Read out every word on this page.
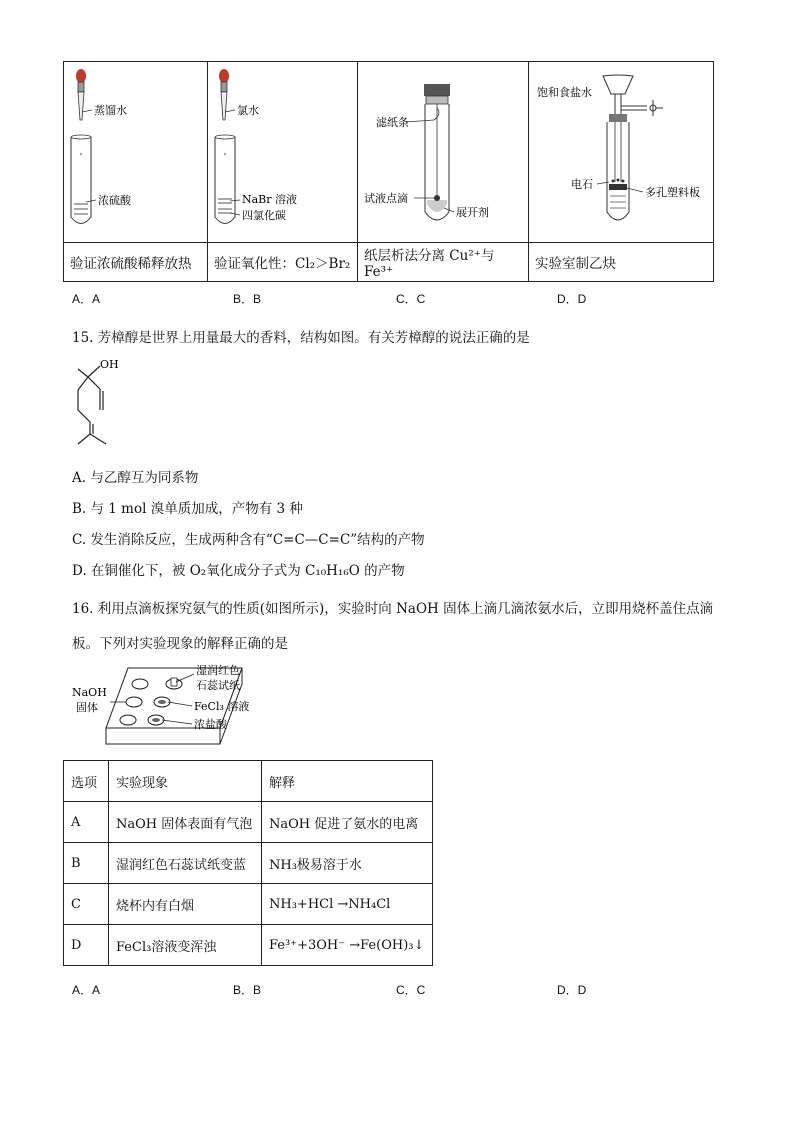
蒸馏水
浓硫酸	氯水
NaBr 溶液
四氯化碳	滤纸条
试液点滴
展开剂	饱和食盐水
电石
多孔塑料板

验证浓硫酸稀释放热	验证氧化性：Cl₂＞Br₂	纸层析法分离 Cu²⁺与 Fe³⁺	实验室制乙炔
A．A	B．B	C．C	D．D
15. 芳樟醇是世界上用量最大的香料，结构如图。有关芳樟醇的说法正确的是
OH
A. 与乙醇互为同系物
B. 与 1 mol 溴单质加成，产物有 3 种
C. 发生消除反应，生成两种含有“C=C—C=C”结构的产物
D. 在铜催化下，被 O₂氧化成分子式为 C₁₀H₁₆O 的产物
16. 利用点滴板探究氨气的性质(如图所示)，实验时向 NaOH 固体上滴几滴浓氨水后，立即用烧杯盖住点滴
板。下列对实验现象的解释正确的是
NaOH
固体
湿润红色
石蕊试纸
FeCl₃ 溶液
浓盐酸
选项	实验现象	解释
A	NaOH 固体表面有气泡	NaOH 促进了氨水的电离
B	湿润红色石蕊试纸变蓝	NH₃极易溶于水
C	烧杯内有白烟	NH₃+HCl →NH₄Cl
D	FeCl₃溶液变浑浊	Fe³⁺+3OH⁻ →Fe(OH)₃↓
A．A	B．B	C．C	D．D
